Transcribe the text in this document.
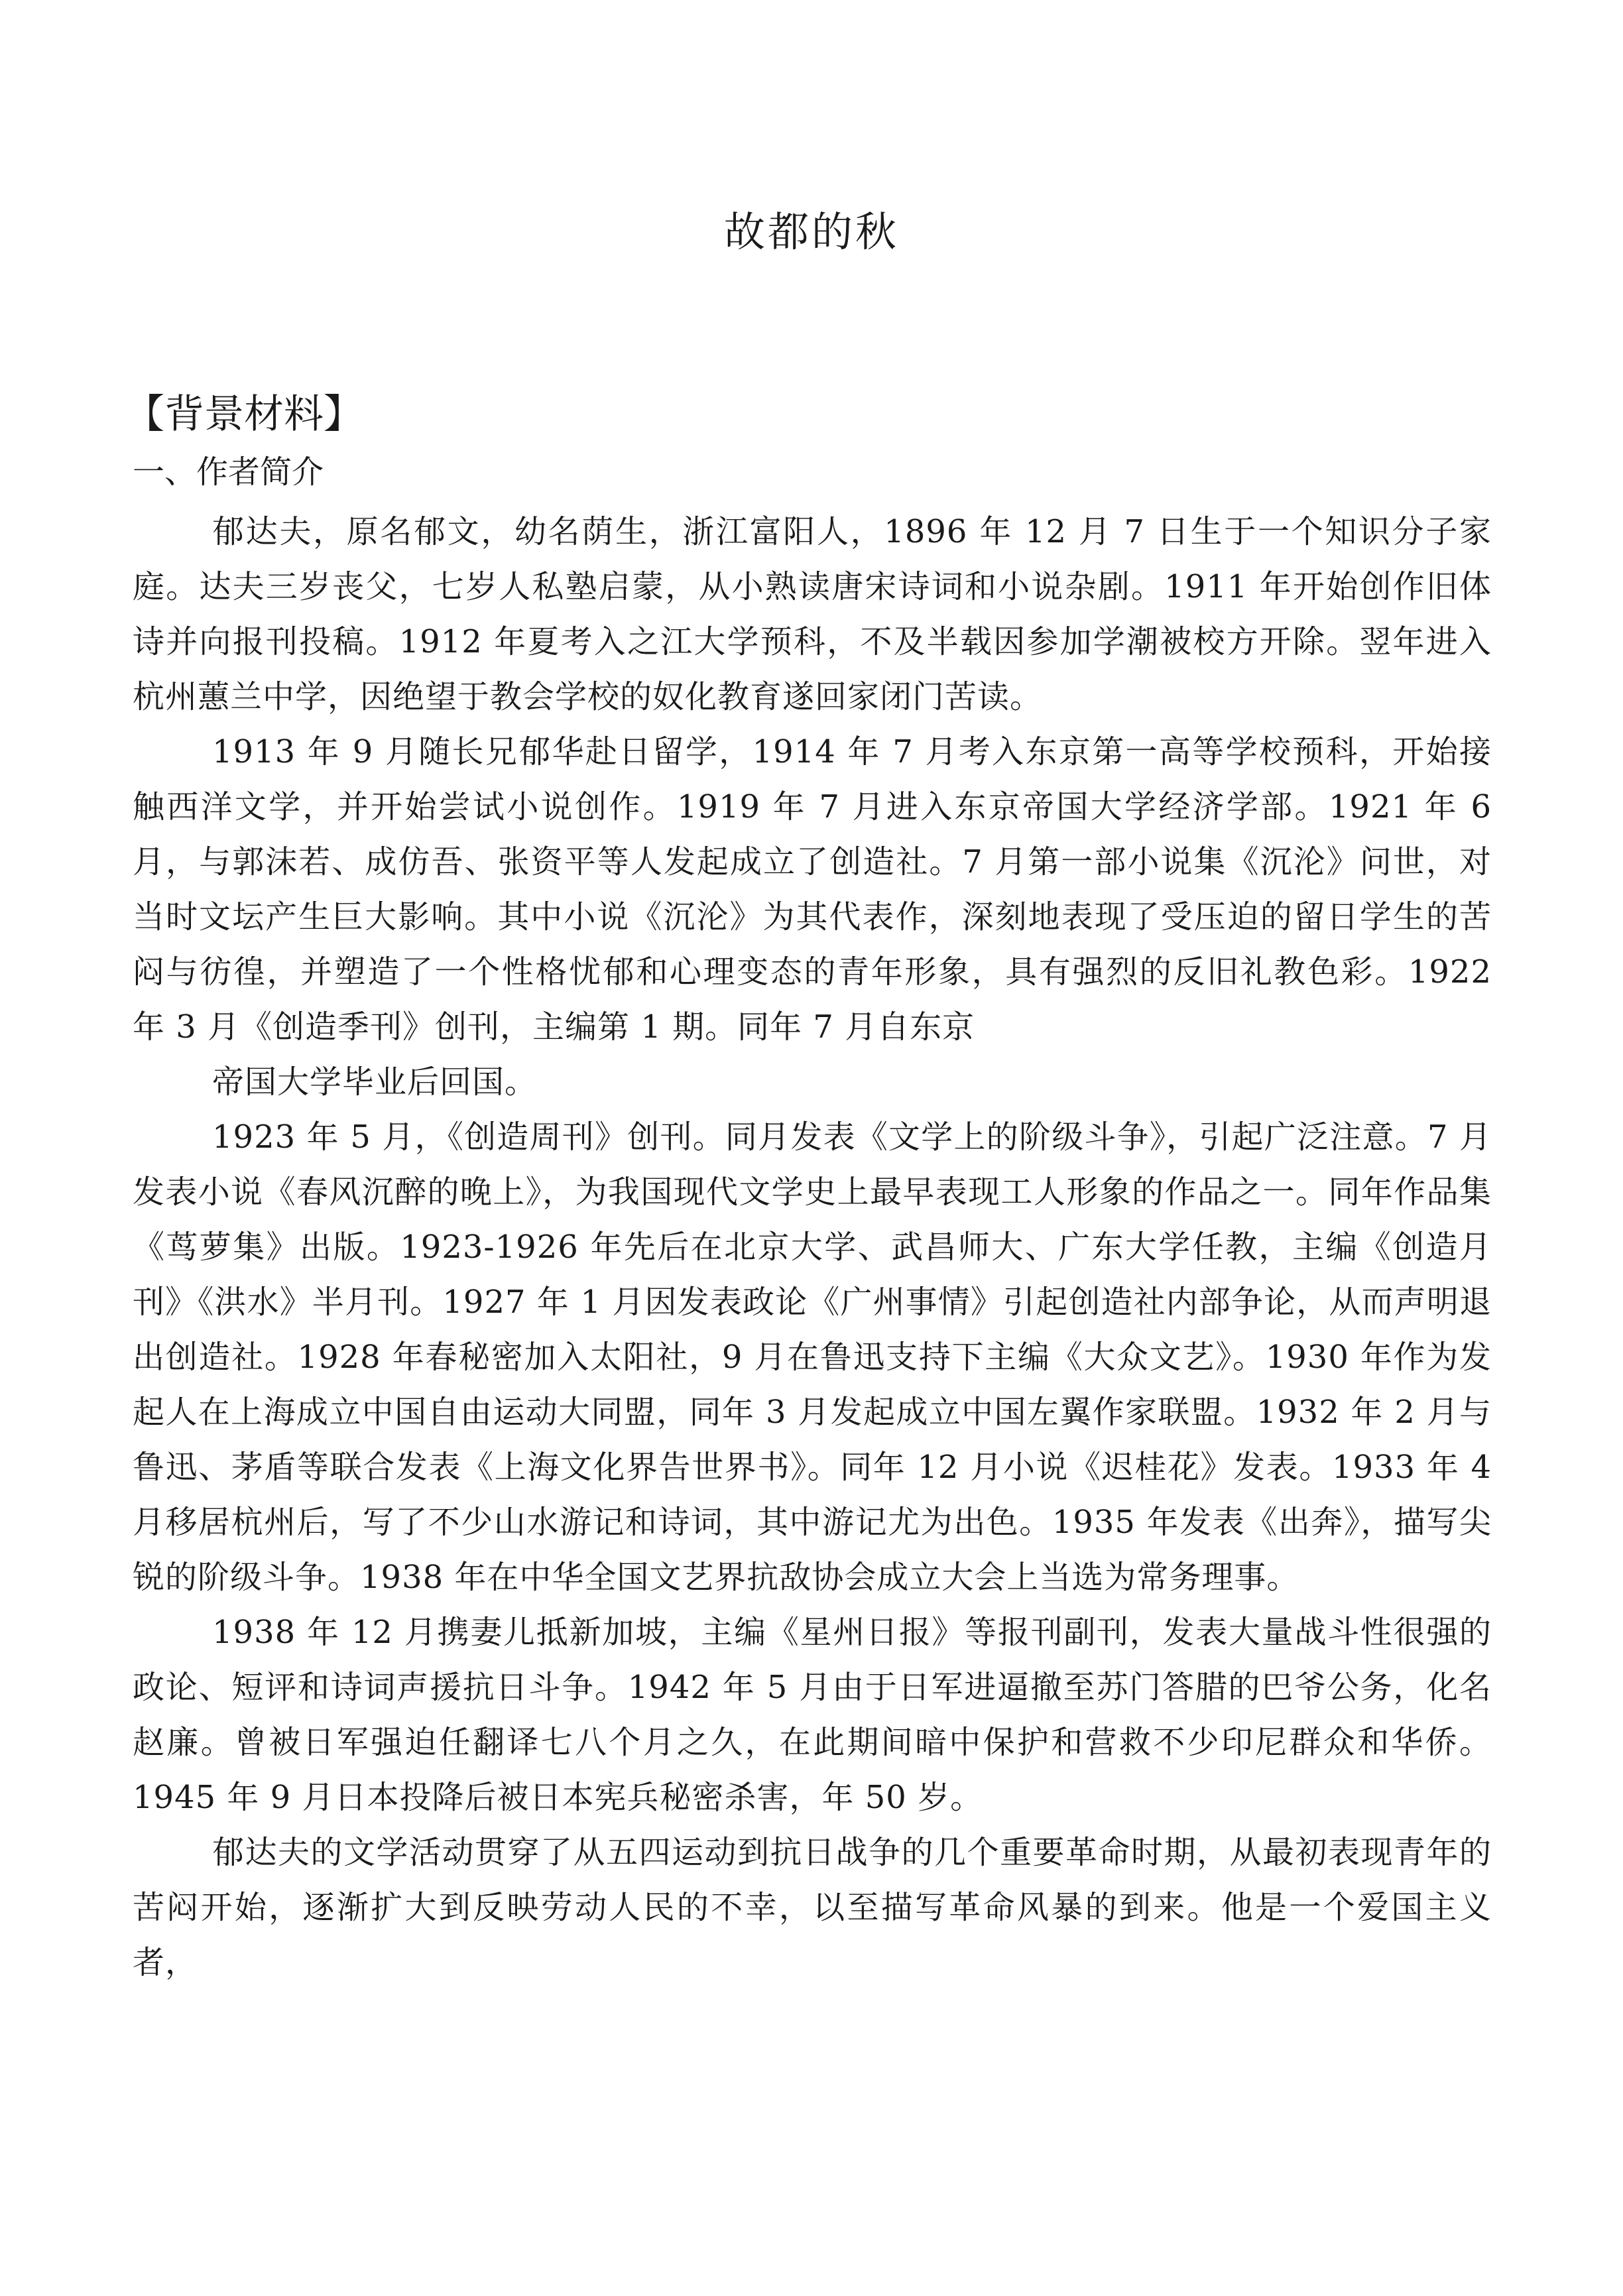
故都的秋
【背景材料】
一、作者简介

郁达夫，原名郁文，幼名荫生，浙江富阳人，1896 年 12 月 7 日生于一个知识分子家庭。达夫三岁丧父，七岁人私塾启蒙，从小熟读唐宋诗词和小说杂剧。1911 年开始创作旧体诗并向报刊投稿。1912 年夏考入之江大学预科，不及半载因参加学潮被校方开除。翌年进入杭州蕙兰中学，因绝望于教会学校的奴化教育遂回家闭门苦读。

1913 年 9 月随长兄郁华赴日留学，1914 年 7 月考入东京第一高等学校预科，开始接触西洋文学，并开始尝试小说创作。1919 年 7 月进入东京帝国大学经济学部。1921 年 6 月，与郭沫若、成仿吾、张资平等人发起成立了创造社。7 月第一部小说集《沉沦》问世，对当时文坛产生巨大影响。其中小说《沉沦》为其代表作，深刻地表现了受压迫的留日学生的苦闷与彷徨，并塑造了一个性格忧郁和心理变态的青年形象，具有强烈的反旧礼教色彩。1922 年 3 月《创造季刊》创刊，主编第 1 期。同年 7 月自东京

帝国大学毕业后回国。

1923 年 5 月，《创造周刊》创刊。同月发表《文学上的阶级斗争》，引起广泛注意。7 月发表小说《春风沉醉的晚上》，为我国现代文学史上最早表现工人形象的作品之一。同年作品集《茑萝集》出版。1923-1926 年先后在北京大学、武昌师大、广东大学任教，主编《创造月刊》《洪水》半月刊。1927 年 1 月因发表政论《广州事情》引起创造社内部争论，从而声明退出创造社。1928 年春秘密加入太阳社，9 月在鲁迅支持下主编《大众文艺》。1930 年作为发起人在上海成立中国自由运动大同盟，同年 3 月发起成立中国左翼作家联盟。1932 年 2 月与鲁迅、茅盾等联合发表《上海文化界告世界书》。同年 12 月小说《迟桂花》发表。1933 年 4 月移居杭州后，写了不少山水游记和诗词，其中游记尤为出色。1935 年发表《出奔》，描写尖锐的阶级斗争。1938 年在中华全国文艺界抗敌协会成立大会上当选为常务理事。

1938 年 12 月携妻儿抵新加坡，主编《星州日报》等报刊副刊，发表大量战斗性很强的政论、短评和诗词声援抗日斗争。1942 年 5 月由于日军进逼撤至苏门答腊的巴爷公务，化名赵廉。曾被日军强迫任翻译七八个月之久，在此期间暗中保护和营救不少印尼群众和华侨。1945 年 9 月日本投降后被日本宪兵秘密杀害，年 50 岁。

郁达夫的文学活动贯穿了从五四运动到抗日战争的几个重要革命时期，从最初表现青年的苦闷开始，逐渐扩大到反映劳动人民的不幸，以至描写革命风暴的到来。他是一个爱国主义者，
